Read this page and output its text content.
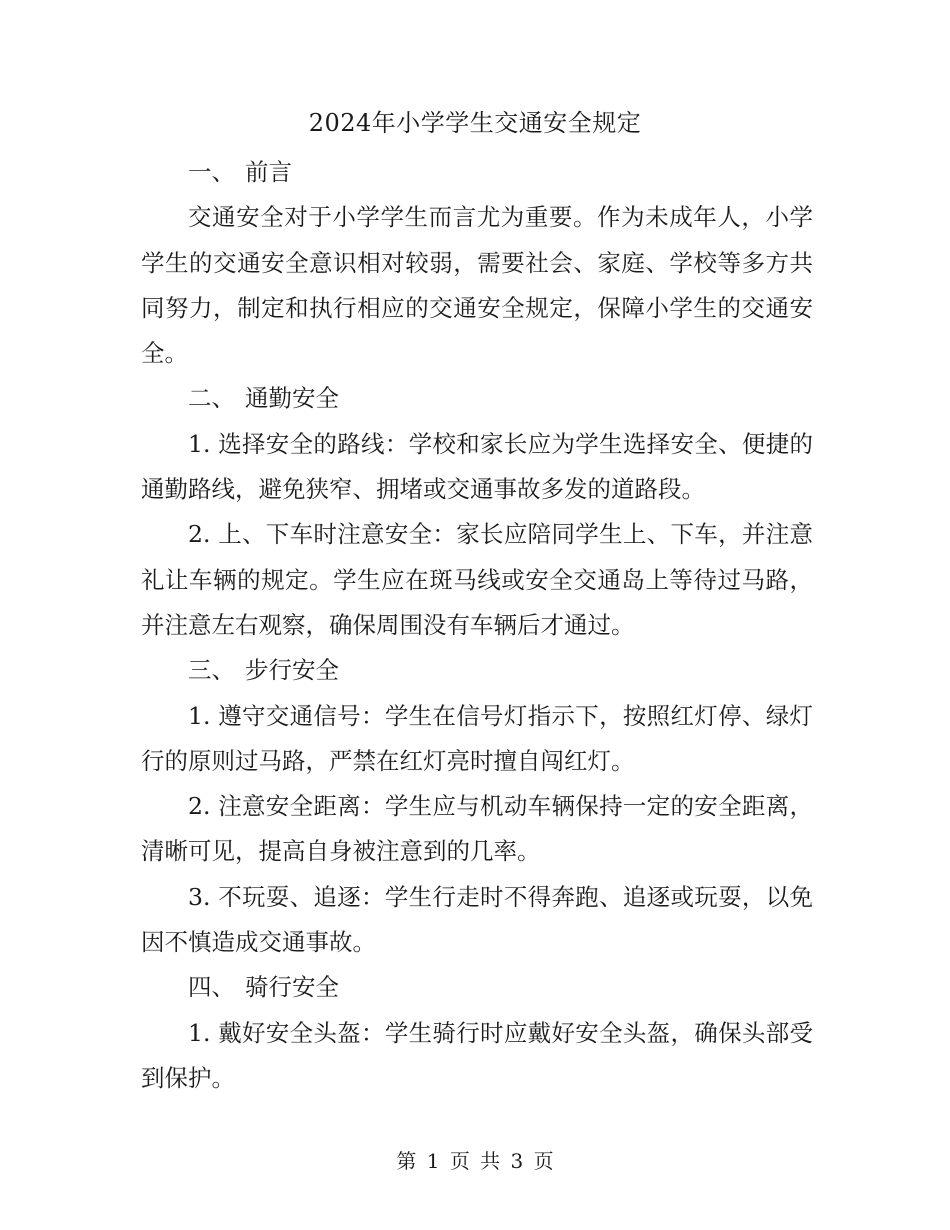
2024年小学学生交通安全规定

一、 前言

交通安全对于小学学生而言尤为重要。作为未成年人，小学学生的交通安全意识相对较弱，需要社会、家庭、学校等多方共同努力，制定和执行相应的交通安全规定，保障小学生的交通安全。

二、 通勤安全

1. 选择安全的路线：学校和家长应为学生选择安全、便捷的通勤路线，避免狭窄、拥堵或交通事故多发的道路段。

2. 上、下车时注意安全：家长应陪同学生上、下车，并注意礼让车辆的规定。学生应在斑马线或安全交通岛上等待过马路，并注意左右观察，确保周围没有车辆后才通过。

三、 步行安全

1. 遵守交通信号：学生在信号灯指示下，按照红灯停、绿灯行的原则过马路，严禁在红灯亮时擅自闯红灯。

2. 注意安全距离：学生应与机动车辆保持一定的安全距离，清晰可见，提高自身被注意到的几率。

3. 不玩耍、追逐：学生行走时不得奔跑、追逐或玩耍，以免因不慎造成交通事故。

四、 骑行安全

1. 戴好安全头盔：学生骑行时应戴好安全头盔，确保头部受到保护。

第 1 页 共 3 页
